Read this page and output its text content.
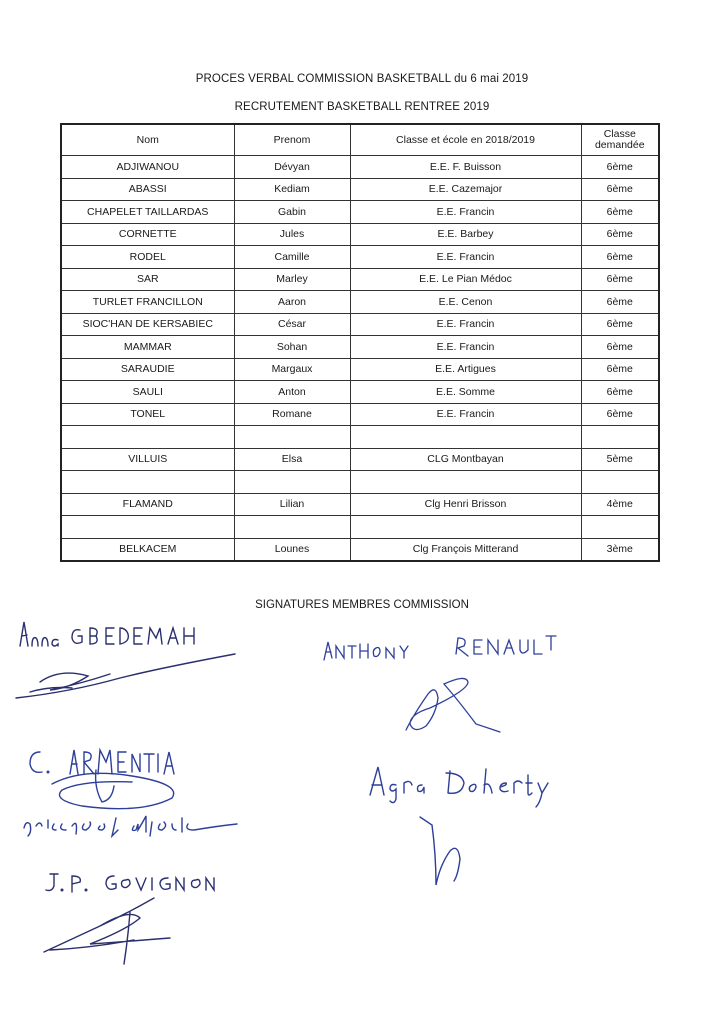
PROCES VERBAL COMMISSION BASKETBALL du 6 mai 2019
RECRUTEMENT BASKETBALL RENTREE 2019
Nom	Prenom	Classe et école en 2018/2019	Classe demandée
ADJIWANOU	Dévyan	E.E. F. Buisson	6ème
ABASSI	Kediam	E.E. Cazemajor	6ème
CHAPELET TAILLARDAS	Gabin	E.E. Francin	6ème
CORNETTE	Jules	E.E. Barbey	6ème
RODEL	Camille	E.E. Francin	6ème
SAR	Marley	E.E. Le Pian Médoc	6ème
TURLET FRANCILLON	Aaron	E.E. Cenon	6ème
SIOC'HAN DE KERSABIEC	César	E.E. Francin	6ème
MAMMAR	Sohan	E.E. Francin	6ème
SARAUDIE	Margaux	E.E. Artigues	6ème
SAULI	Anton	E.E. Somme	6ème
TONEL	Romane	E.E. Francin	6ème

VILLUIS	Elsa	CLG Montbayan	5ème

FLAMAND	Lilian	Clg Henri Brisson	4ème

BELKACEM	Lounes	Clg François Mitterand	3ème
SIGNATURES MEMBRES COMMISSION
